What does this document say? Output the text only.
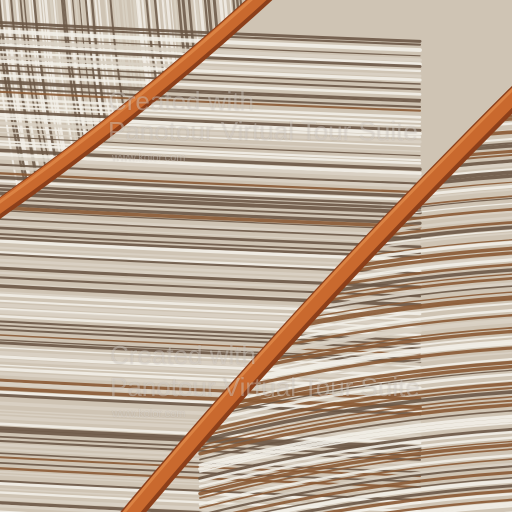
Created with
Panotour Virtual Tour Suite
www.kolor.com
Created with
Panotour Virtual Tour Suite
www.kolor.com
